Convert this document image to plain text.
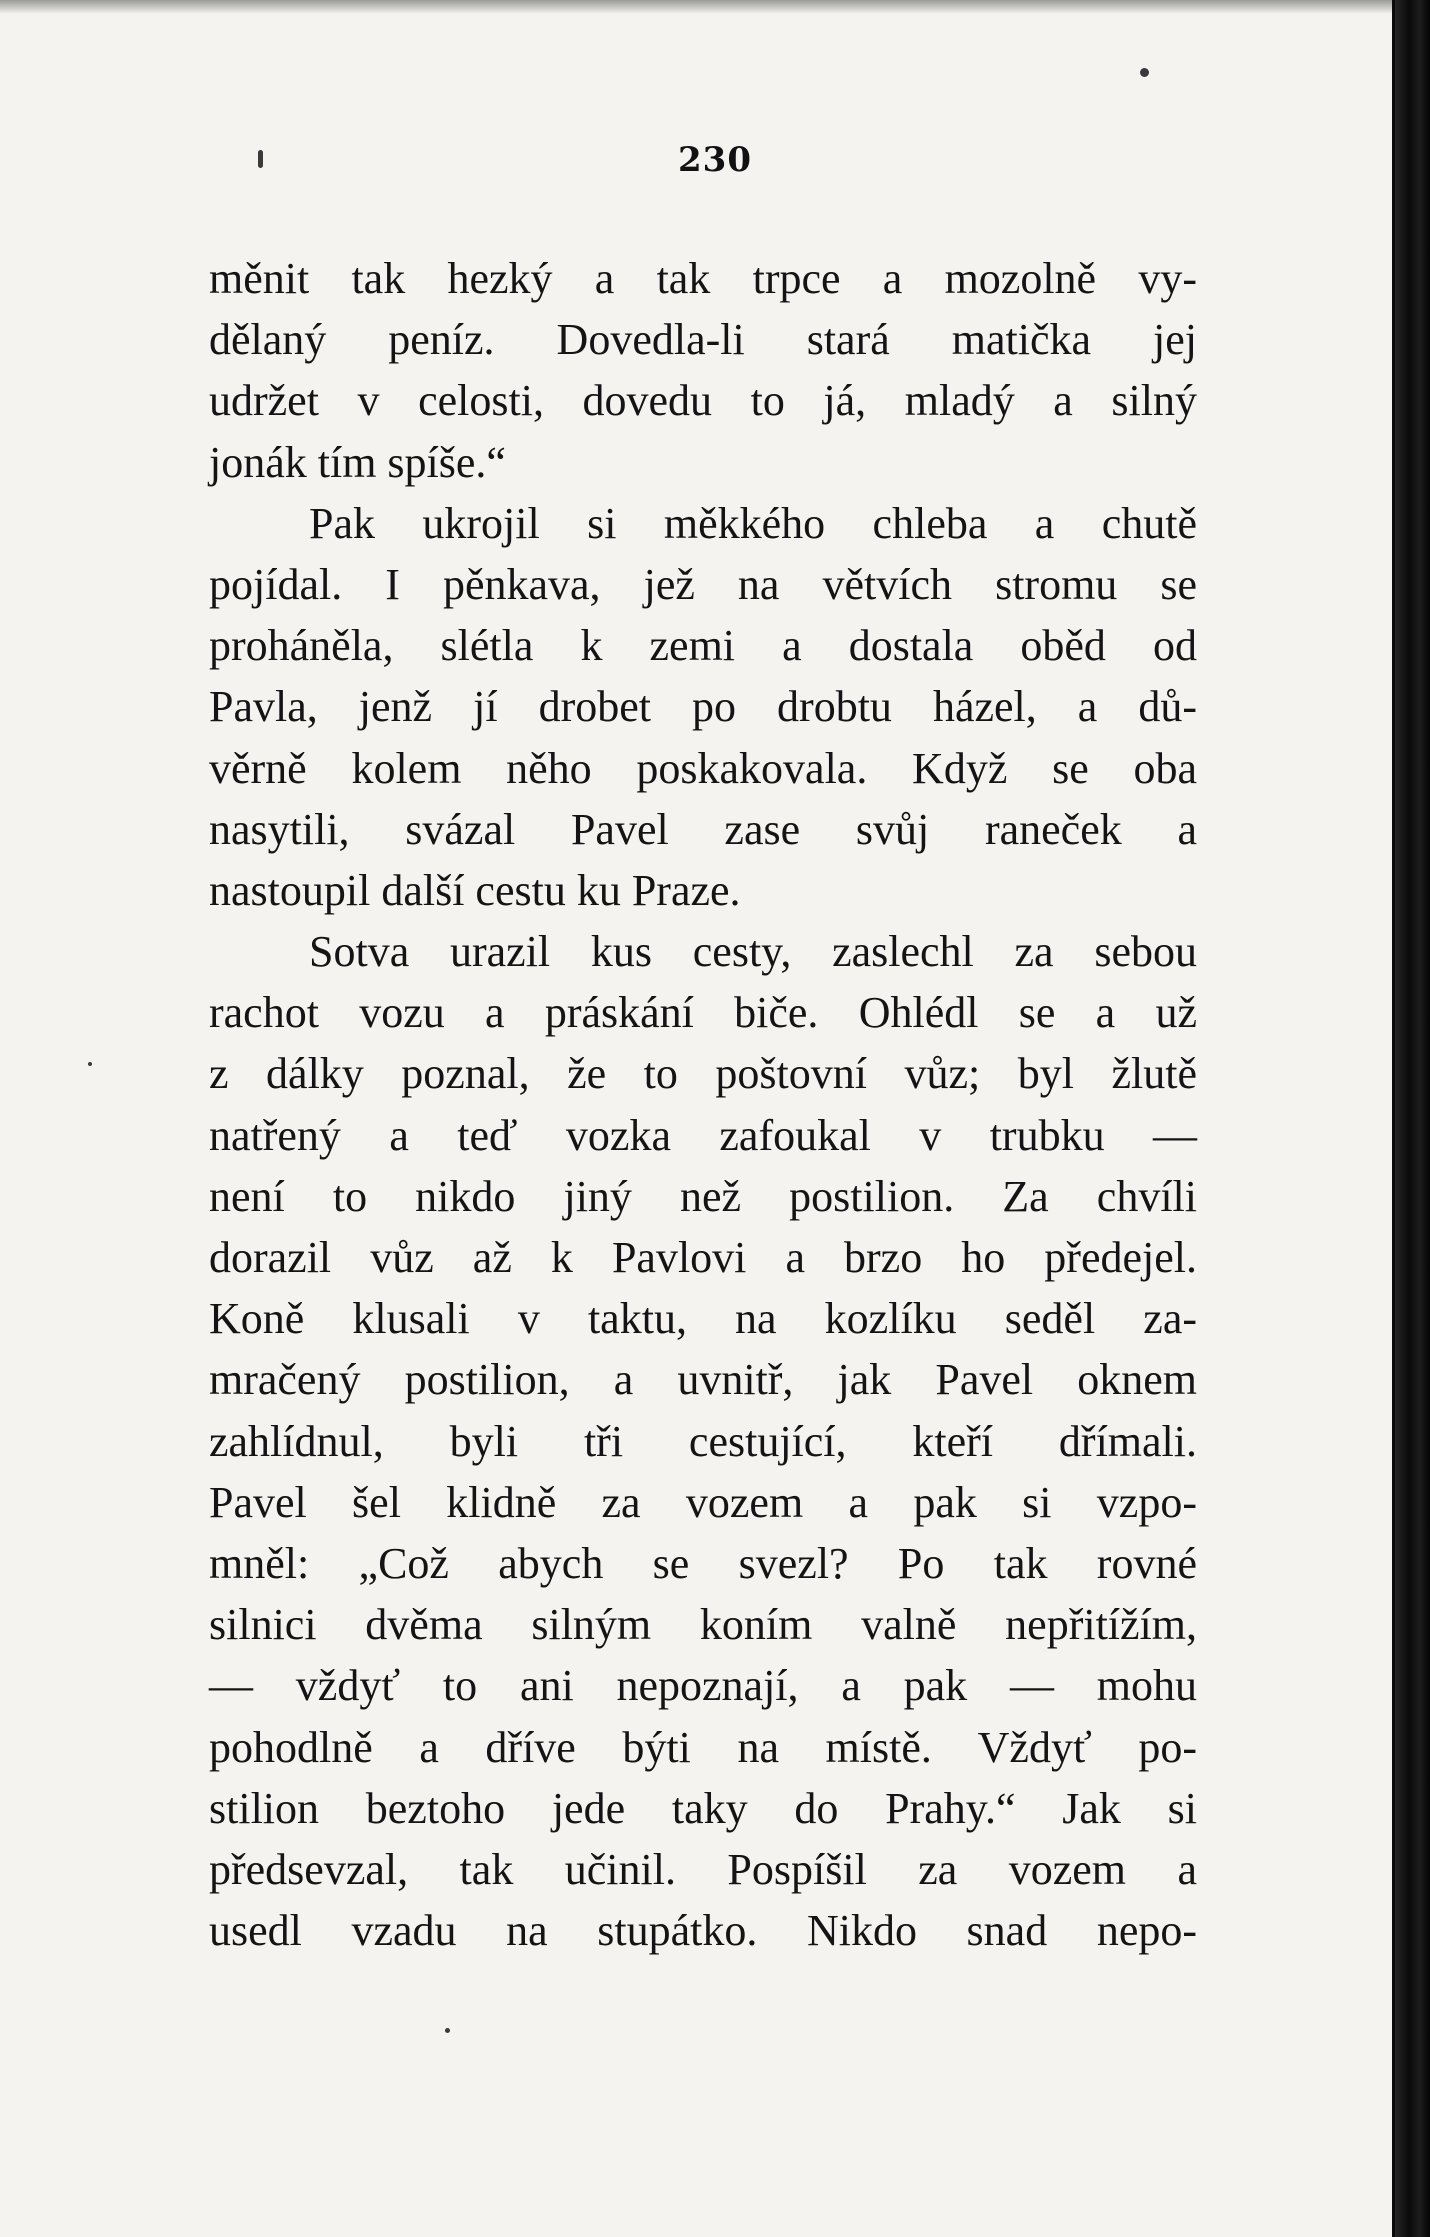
230
měnit tak hezký a tak trpce a mozolně vy-
dělaný peníz. Dovedla-li stará matička jej
udržet v celosti, dovedu to já, mladý a silný
jonák tím spíše.“
Pak ukrojil si měkkého chleba a chutě
pojídal. I pěnkava, jež na větvích stromu se
proháněla, slétla k zemi a dostala oběd od
Pavla, jenž jí drobet po drobtu házel, a dů-
věrně kolem něho poskakovala. Když se oba
nasytili, svázal Pavel zase svůj raneček a
nastoupil další cestu ku Praze.
Sotva urazil kus cesty, zaslechl za sebou
rachot vozu a práskání biče. Ohlédl se a už
z dálky poznal, že to poštovní vůz; byl žlutě
natřený a teď vozka zafoukal v trubku —
není to nikdo jiný než postilion. Za chvíli
dorazil vůz až k Pavlovi a brzo ho předejel.
Koně klusali v taktu, na kozlíku seděl za-
mračený postilion, a uvnitř, jak Pavel oknem
zahlídnul, byli tři cestující, kteří dřímali.
Pavel šel klidně za vozem a pak si vzpo-
mněl: „Což abych se svezl? Po tak rovné
silnici dvěma silným koním valně nepřitížím,
— vždyť to ani nepoznají, a pak — mohu
pohodlně a dříve býti na místě. Vždyť po-
stilion beztoho jede taky do Prahy.“ Jak si
předsevzal, tak učinil. Pospíšil za vozem a
usedl vzadu na stupátko. Nikdo snad nepo-
